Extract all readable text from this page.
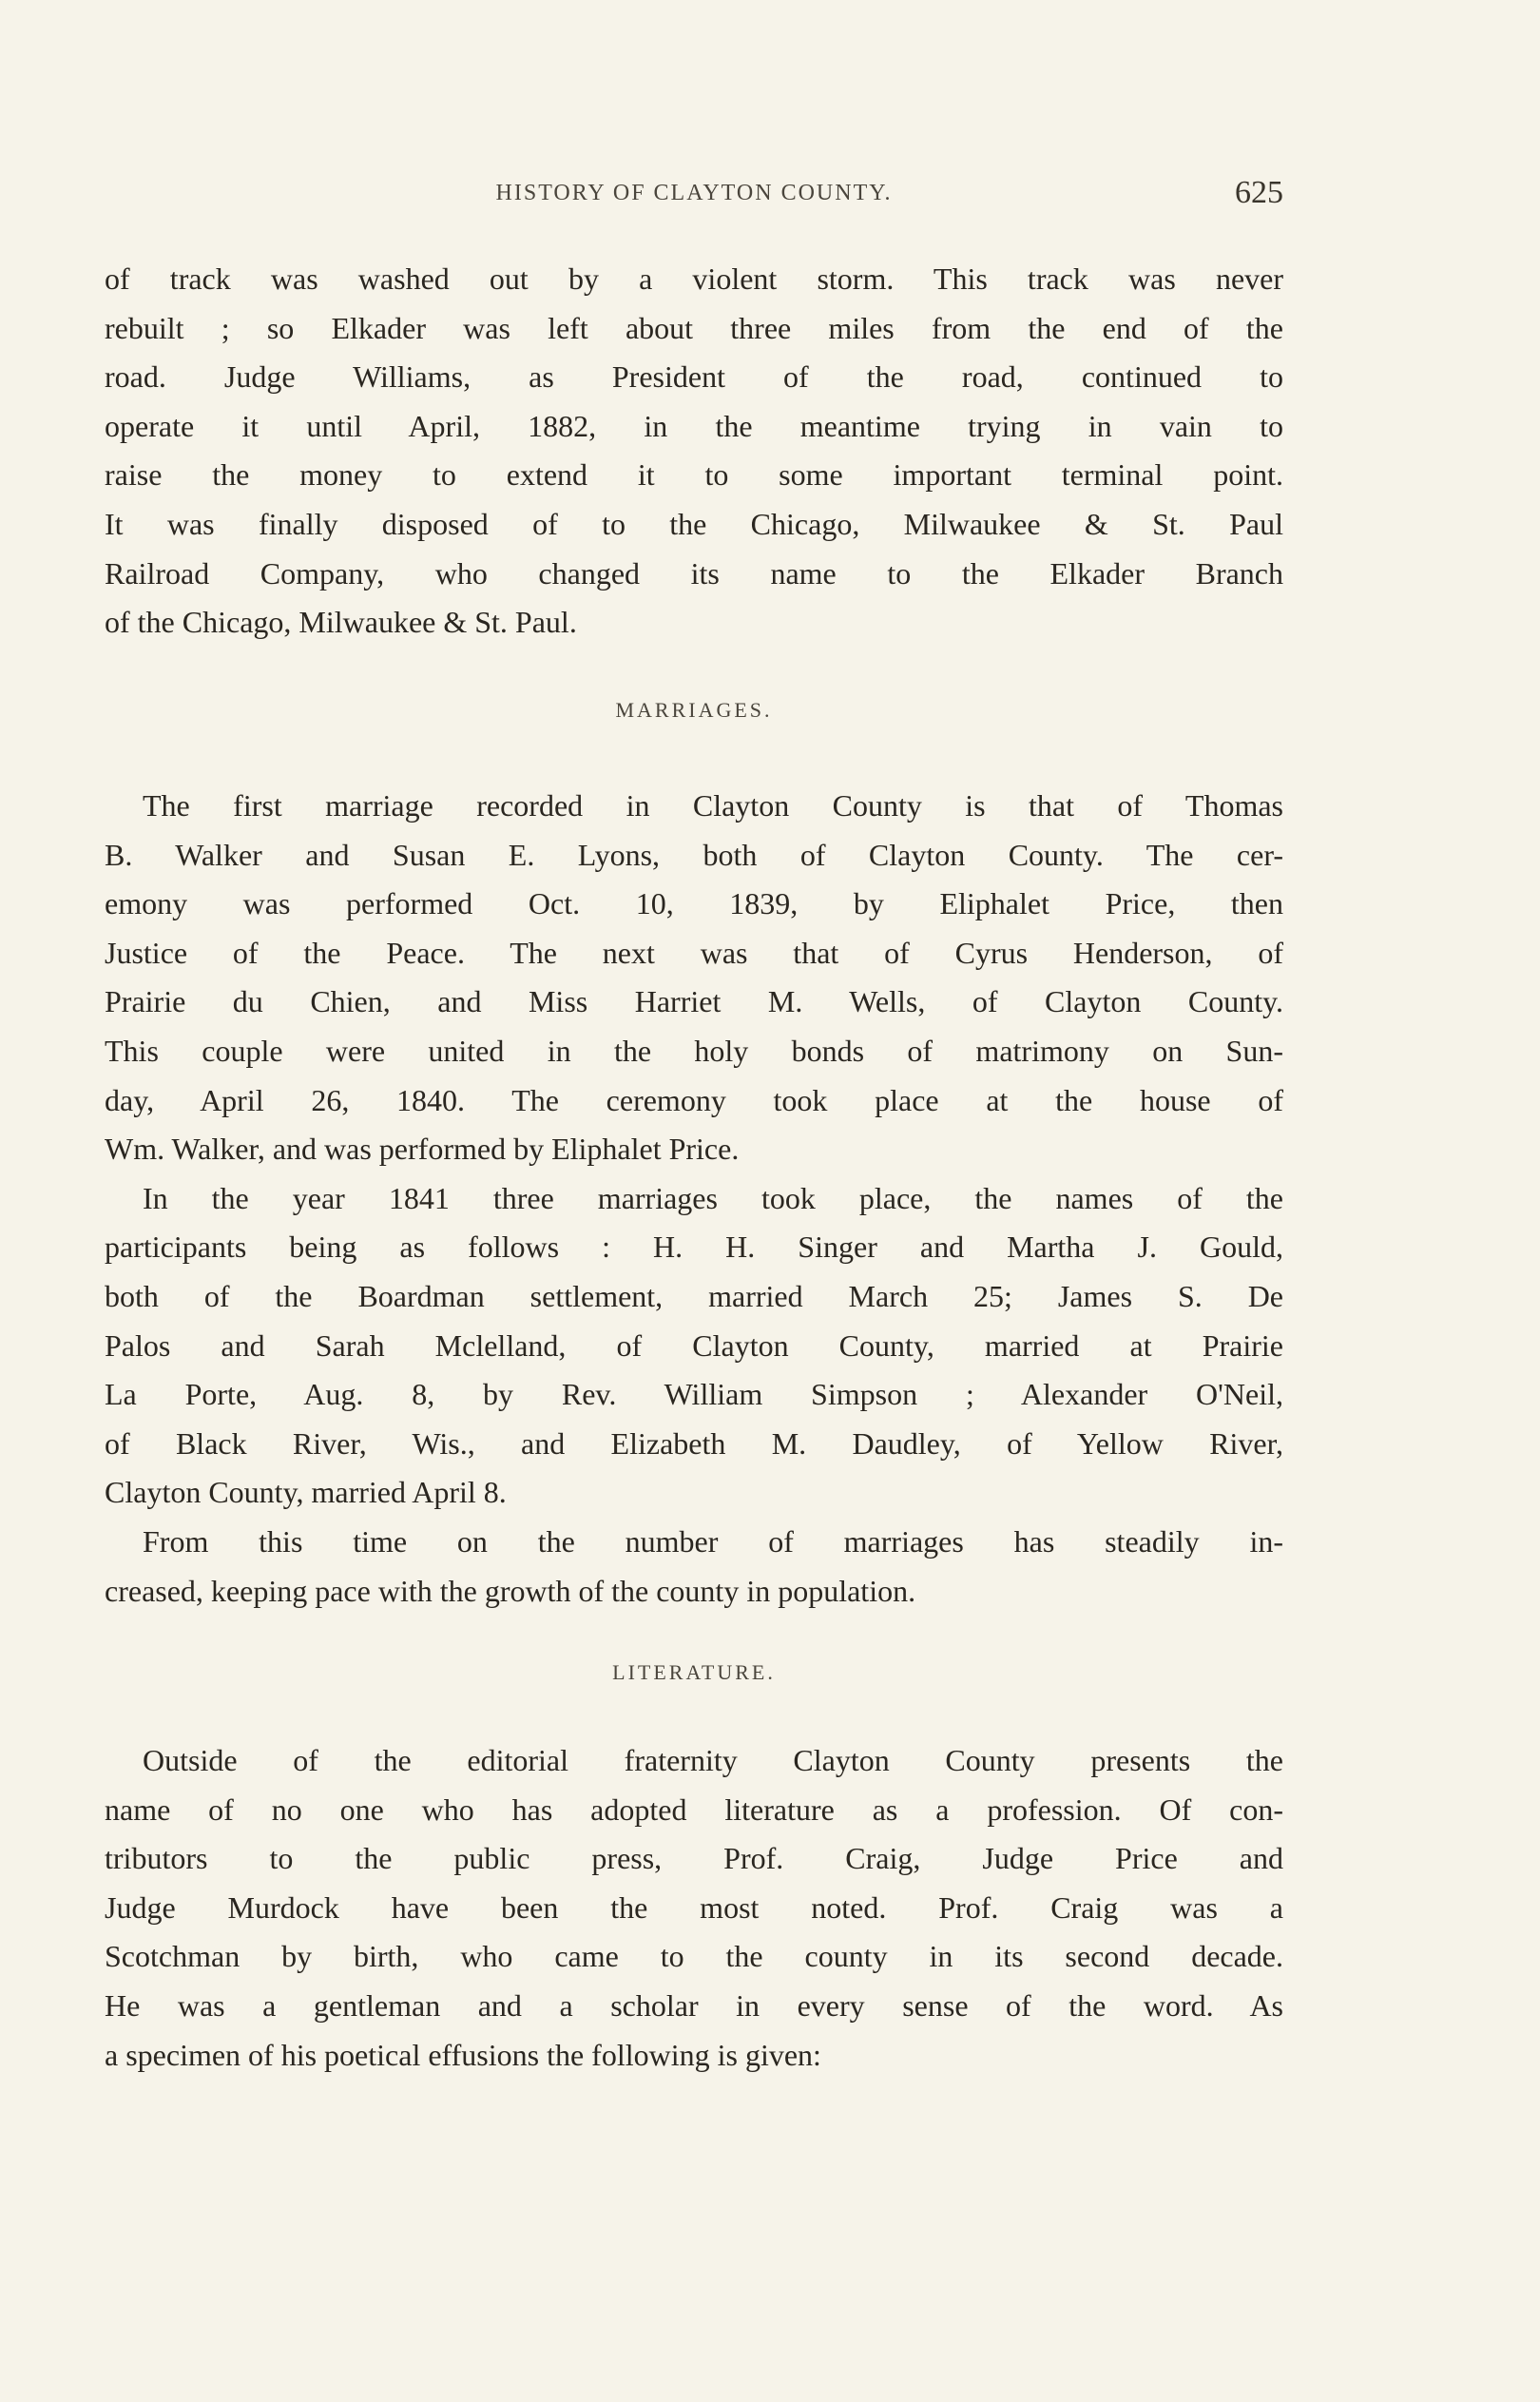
HISTORY OF CLAYTON COUNTY.	625
of track was washed out by a violent storm. This track was never
rebuilt ; so Elkader was left about three miles from the end of the
road. Judge Williams, as President of the road, continued to
operate it until April, 1882, in the meantime trying in vain to
raise the money to extend it to some important terminal point.
It was finally disposed of to the Chicago, Milwaukee & St. Paul
Railroad Company, who changed its name to the Elkader Branch
of the Chicago, Milwaukee & St. Paul.
MARRIAGES.
The first marriage recorded in Clayton County is that of Thomas
B. Walker and Susan E. Lyons, both of Clayton County. The cer-
emony was performed Oct. 10, 1839, by Eliphalet Price, then
Justice of the Peace. The next was that of Cyrus Henderson, of
Prairie du Chien, and Miss Harriet M. Wells, of Clayton County.
This couple were united in the holy bonds of matrimony on Sun-
day, April 26, 1840. The ceremony took place at the house of
Wm. Walker, and was performed by Eliphalet Price.
In the year 1841 three marriages took place, the names of the
participants being as follows : H. H. Singer and Martha J. Gould,
both of the Boardman settlement, married March 25; James S. De
Palos and Sarah Mclelland, of Clayton County, married at Prairie
La Porte, Aug. 8, by Rev. William Simpson ; Alexander O'Neil,
of Black River, Wis., and Elizabeth M. Daudley, of Yellow River,
Clayton County, married April 8.
From this time on the number of marriages has steadily in-
creased, keeping pace with the growth of the county in population.
LITERATURE.
Outside of the editorial fraternity Clayton County presents the
name of no one who has adopted literature as a profession. Of con-
tributors to the public press, Prof. Craig, Judge Price and
Judge Murdock have been the most noted. Prof. Craig was a
Scotchman by birth, who came to the county in its second decade.
He was a gentleman and a scholar in every sense of the word. As
a specimen of his poetical effusions the following is given:
